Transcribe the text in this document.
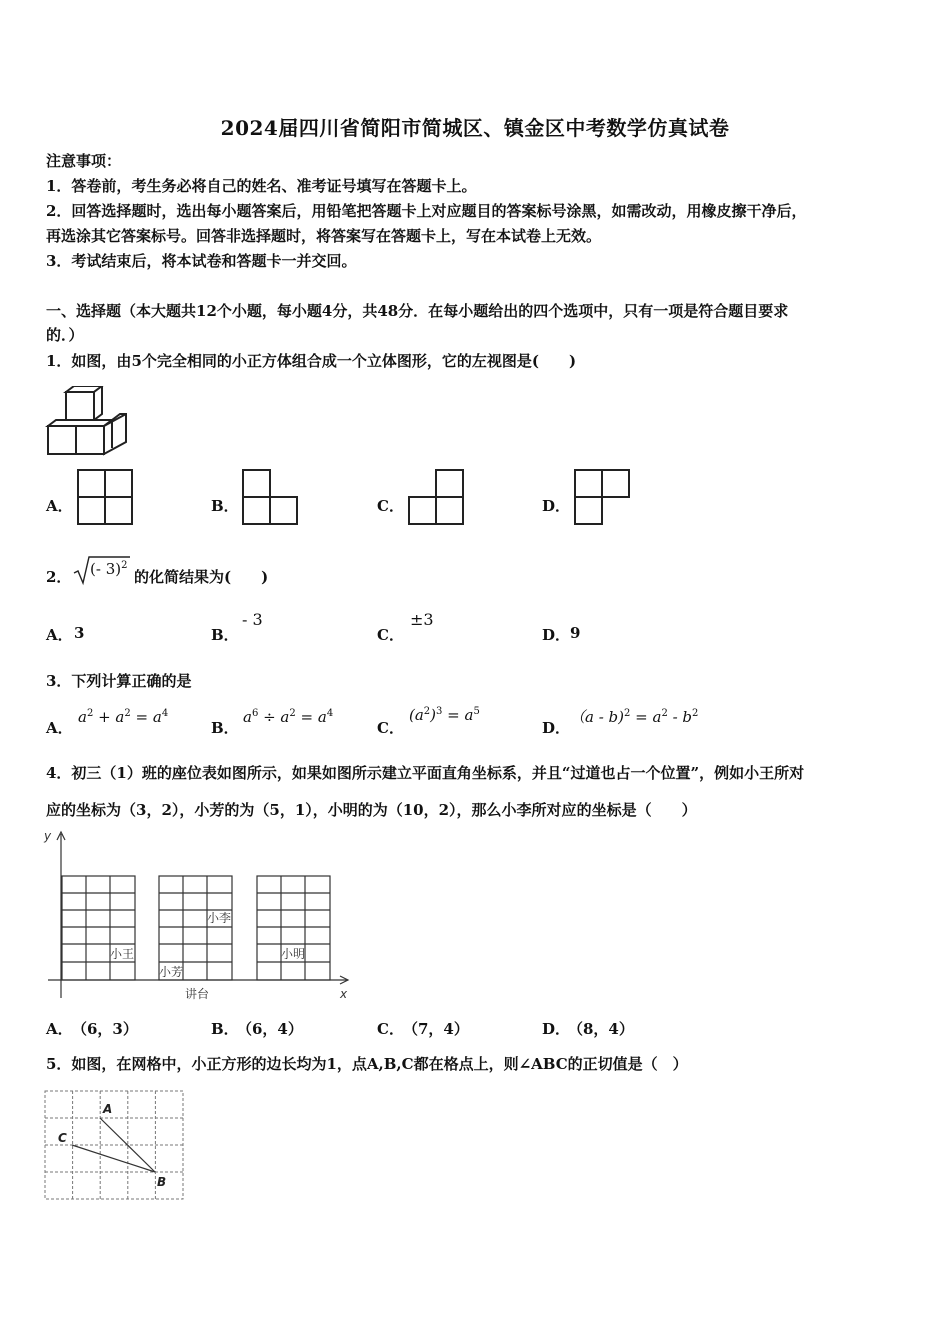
2024届四川省简阳市简城区、镇金区中考数学仿真试卷
注意事项：
1．答卷前，考生务必将自己的姓名、准考证号填写在答题卡上。
2．回答选择题时，选出每小题答案后，用铅笔把答题卡上对应题目的答案标号涂黑，如需改动，用橡皮擦干净后，
再选涂其它答案标号。回答非选择题时，将答案写在答题卡上，写在本试卷上无效。
3．考试结束后，将本试卷和答题卡一并交回。
一、选择题（本大题共12个小题，每小题4分，共48分．在每小题给出的四个选项中，只有一项是符合题目要求
的．）
1．如图，由5个完全相同的小正方体组合成一个立体图形，它的左视图是(　　)
A．	B．	C．	D．
2． (- 3)$^2$
的化简结果为(　　)
A． 3	B．
- 3
C．
±3
D． 9
3．下列计算正确的是
A．
$a^2 + a^2 = a^4$
B．
$a^6 \div a^2 = a^4$
C．
$(a^2)^3 = a^5$
D．
$(a - b)^2 = a^2 - b^2$
4．初三（1）班的座位表如图所示，如果如图所示建立平面直角坐标系，并且“过道也占一个位置”，例如小王所对
应的坐标为（3，2），小芳的为（5，1），小明的为（10，2），那么小李所对应的坐标是（　　）
y
x
讲台
小王
小芳
小李
小明
A． （6，3）	B．
（6，4）	C． （7，4）	D．
（8，4）
5．如图，在网格中，小正方形的边长均为1，点A,B,C都在格点上，则∠ABC的正切值是（　）
A
C
B
